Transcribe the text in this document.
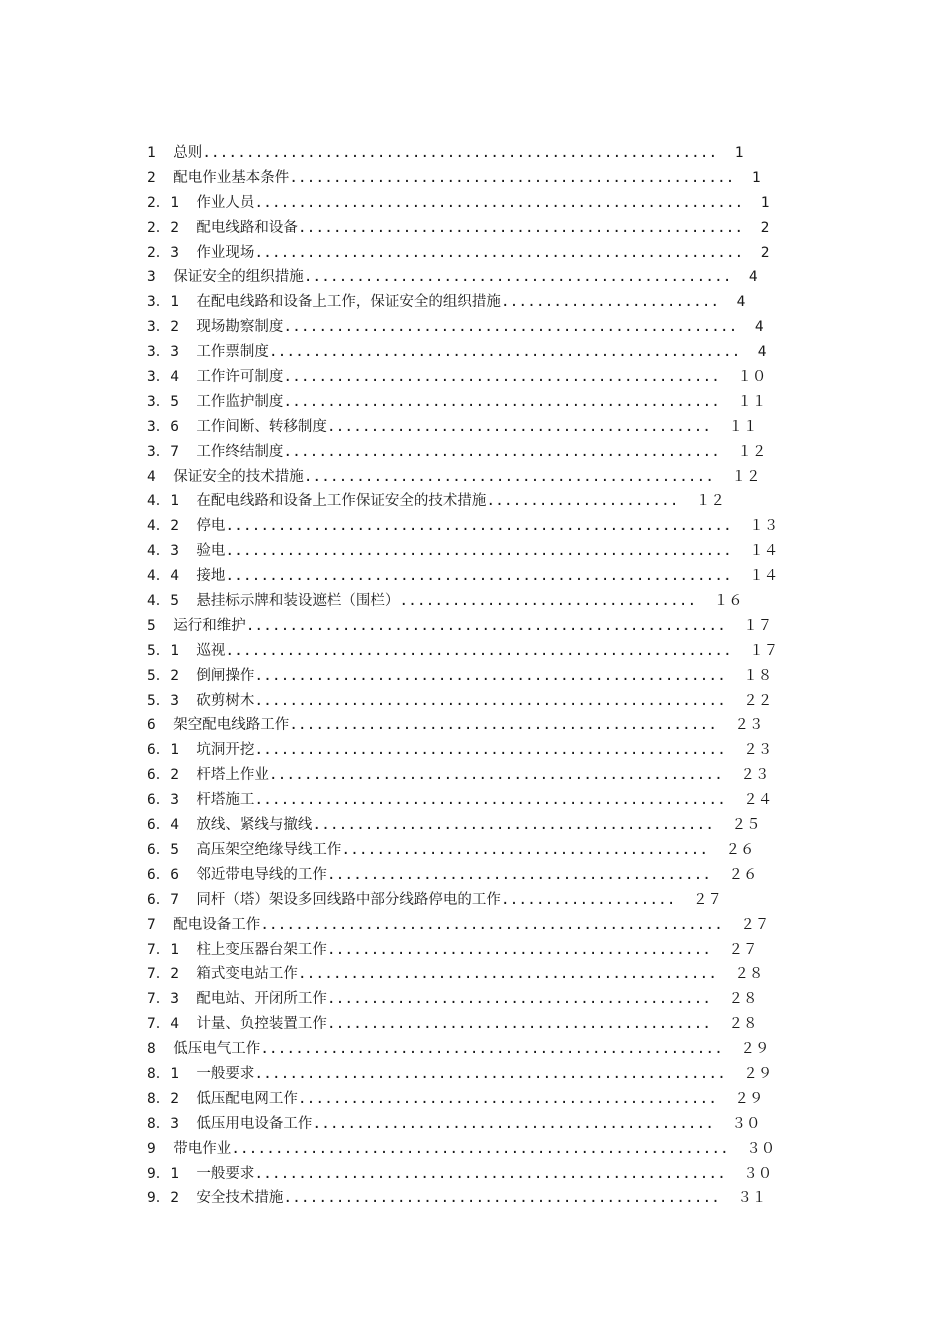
1  总则...........................................................  1
2  配电作业基本条件...................................................  1
2．1  作业人员........................................................  1
2．2  配电线路和设备...................................................  2
2．3  作业现场........................................................  2
3  保证安全的组织措施.................................................  4
3．1  在配电线路和设备上工作，保证安全的组织措施.........................  4
3．2  现场勘察制度....................................................  4
3．3  工作票制度......................................................  4
3．4  工作许可制度..................................................  １０
3．5  工作监护制度..................................................  １１
3．6  工作间断、转移制度............................................  １１
3．7  工作终结制度..................................................  １２
4  保证安全的技术措施...............................................  １２
4．1  在配电线路和设备上工作保证安全的技术措施......................  １２
4．2  停电..........................................................  １３
4．3  验电..........................................................  １４
4．4  接地..........................................................  １４
4．5  悬挂标示牌和装设遮栏（围栏）..................................  １６
5  运行和维护.......................................................  １７
5．1  巡视..........................................................  １７
5．2  倒闸操作......................................................  １８
5．3  砍剪树木......................................................  ２２
6  架空配电线路工作.................................................  ２３
6．1  坑洞开挖......................................................  ２３
6．2  杆塔上作业....................................................  ２３
6．3  杆塔施工......................................................  ２４
6．4  放线、紧线与撤线..............................................  ２５
6．5  高压架空绝缘导线工作..........................................  ２６
6．6  邻近带电导线的工作............................................  ２６
6．7  同杆（塔）架设多回线路中部分线路停电的工作....................  ２７
7  配电设备工作.....................................................  ２７
7．1  柱上变压器台架工作............................................  ２７
7．2  箱式变电站工作................................................  ２８
7．3  配电站、开闭所工作............................................  ２８
7．4  计量、负控装置工作............................................  ２８
8  低压电气工作.....................................................  ２９
8．1  一般要求......................................................  ２９
8．2  低压配电网工作................................................  ２９
8．3  低压用电设备工作..............................................  ３０
9  带电作业.........................................................  ３０
9．1  一般要求......................................................  ３０
9．2  安全技术措施..................................................  ３１
